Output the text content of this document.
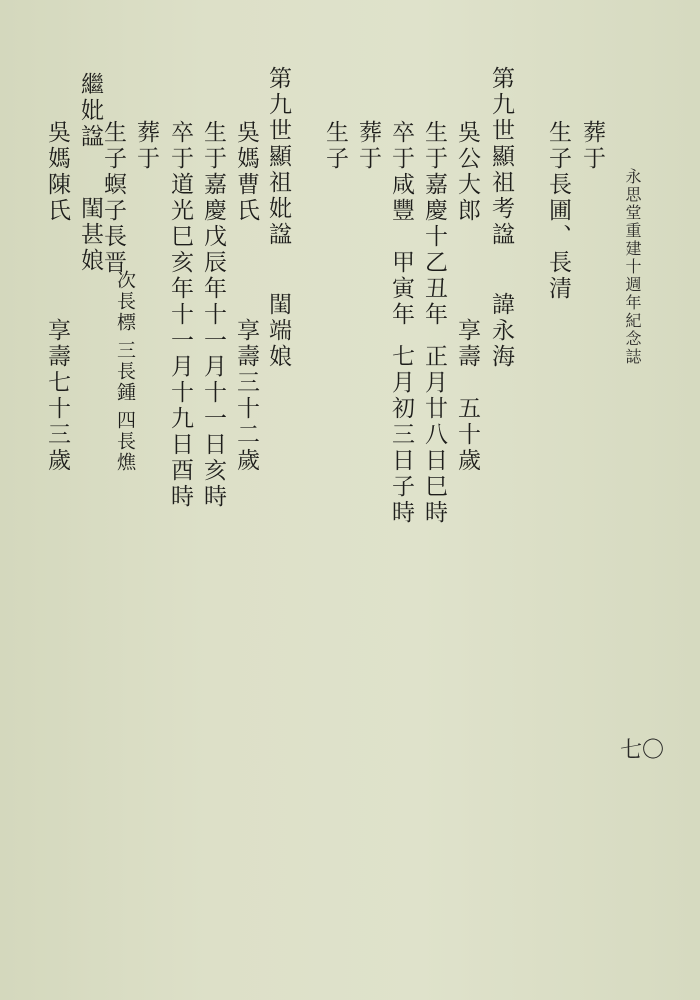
永思堂重建十週年紀念誌
七〇
葬于
生子長圃、長清
第九世顯祖考諡
諱永海
吳公大郎
享壽　五十歲
生于嘉慶十乙丑年
正月廿八日巳時
卒于咸豐　甲寅年
七月初三日子時
葬于
生子
第九世顯祖妣諡
閨端娘
吳媽曹氏
享壽三十二歲
生于嘉慶戊辰年十一月十一日亥時
卒于道光巳亥年十一月十九日酉時
葬于
生子
螟子長晋
次長標
三長鍾
四長燋
繼妣諡
閨甚娘
吳媽陳氏
享壽七十三歲
